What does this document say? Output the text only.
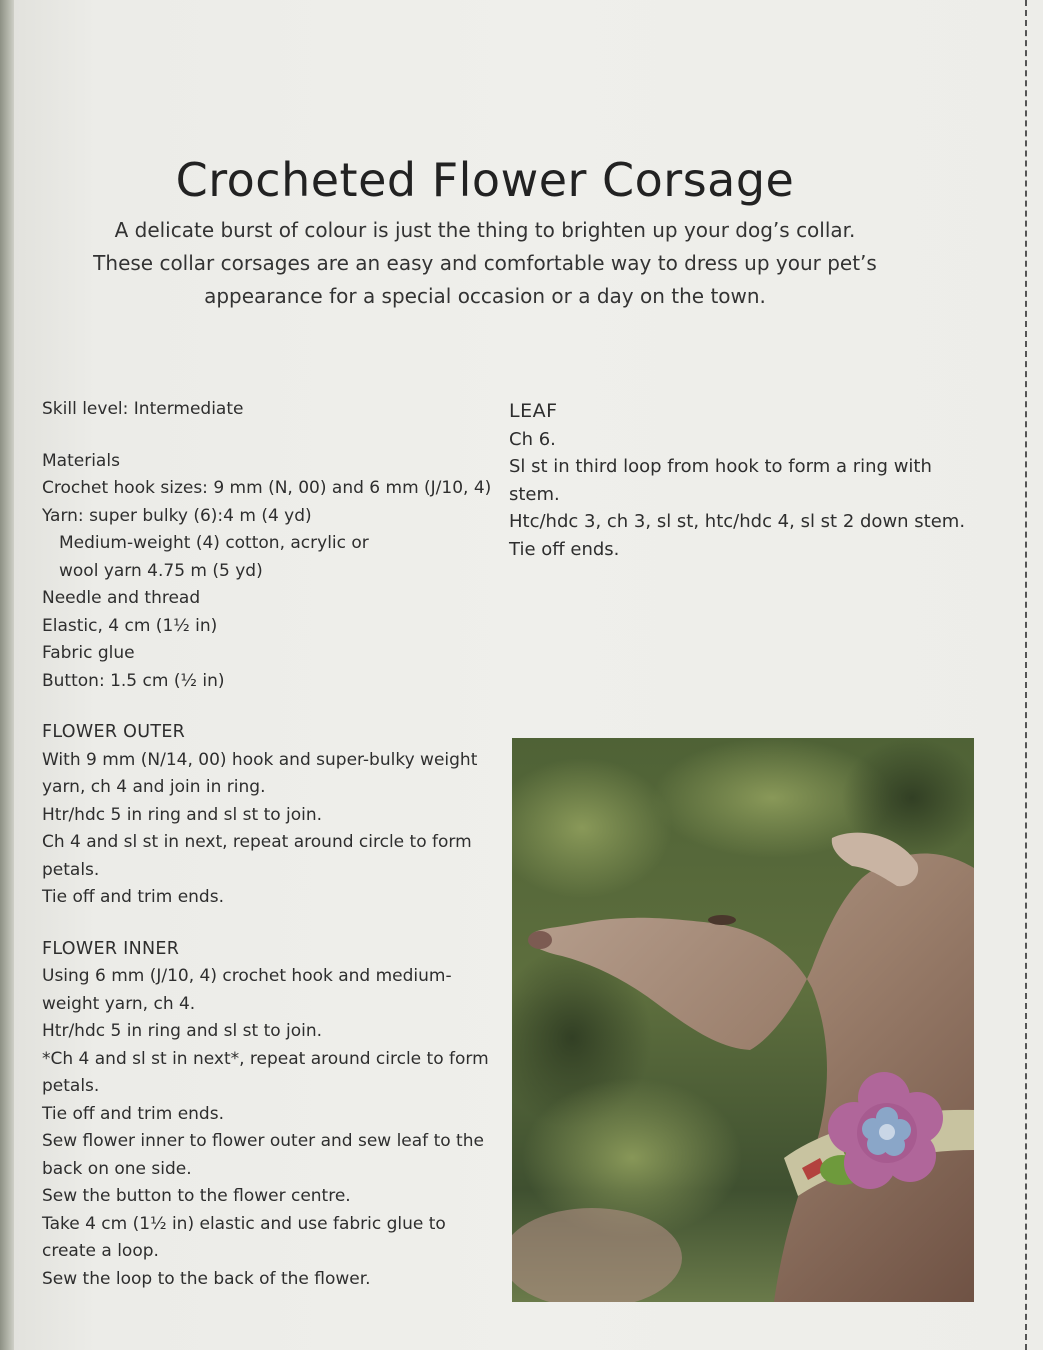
Crocheted Flower Corsage
A delicate burst of colour is just the thing to brighten up your dog’s collar.
These collar corsages are an easy and comfortable way to dress up your pet’s
appearance for a special occasion or a day on the town.
Skill level: Intermediate
Materials
Crochet hook sizes: 9 mm (N, 00) and 6 mm (J/10, 4)
Yarn: super bulky (6):4 m (4 yd)
Medium-weight (4) cotton, acrylic or
wool yarn 4.75 m (5 yd)
Needle and thread
Elastic, 4 cm (1½ in)
Fabric glue
Button: 1.5 cm (½ in)
FLOWER OUTER
With 9 mm (N/14, 00) hook and super-bulky weight
yarn, ch 4 and join in ring.
Htr/hdc 5 in ring and sl st to join.
Ch 4 and sl st in next, repeat around circle to form
petals.
Tie off and trim ends.
FLOWER INNER
Using 6 mm (J/10, 4) crochet hook and medium-
weight yarn, ch 4.
Htr/hdc 5 in ring and sl st to join.
*Ch 4 and sl st in next*, repeat around circle to form
petals.
Tie off and trim ends.
Sew flower inner to flower outer and sew leaf to the
back on one side.
Sew the button to the flower centre.
Take 4 cm (1½ in) elastic and use fabric glue to
create a loop.
Sew the loop to the back of the flower.
LEAF
Ch 6.
Sl st in third loop from hook to form a ring with
stem.
Htc/hdc 3, ch 3, sl st, htc/hdc 4, sl st 2 down stem.
Tie off ends.
